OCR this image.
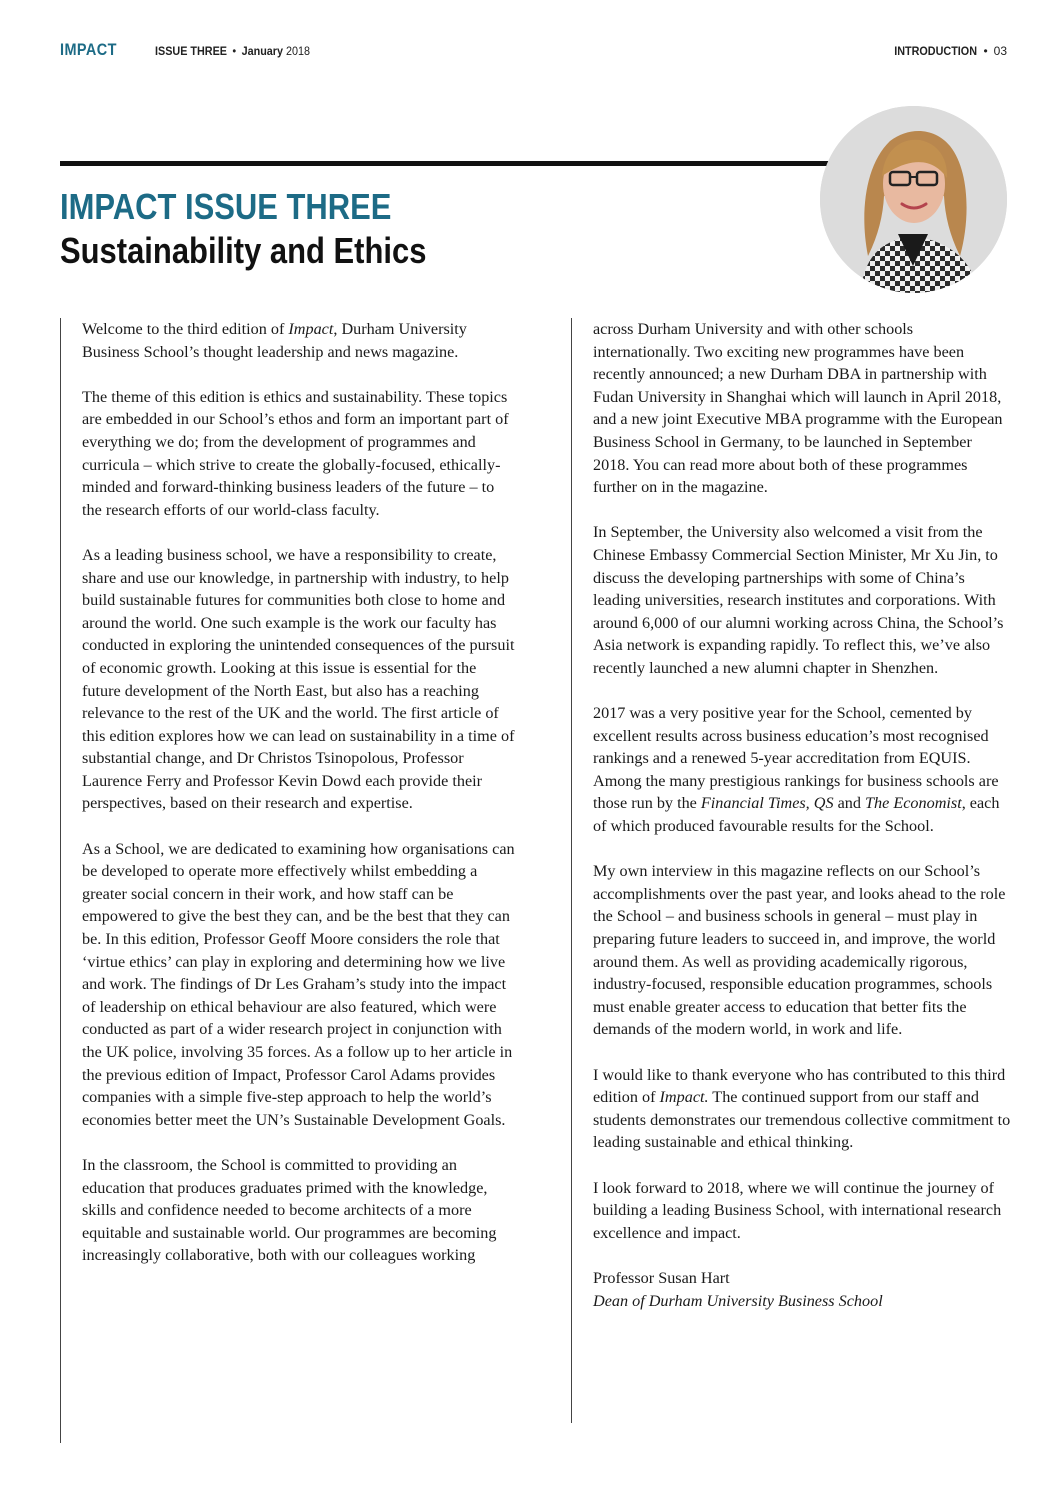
IMPACT	ISSUE THREE • January 2018	INTRODUCTION • 03
IMPACT ISSUE THREE
Sustainability and Ethics

Welcome to the third edition of Impact, Durham University Business School’s thought leadership and news magazine.

The theme of this edition is ethics and sustainability. These topics are embedded in our School’s ethos and form an important part of everything we do; from the development of programmes and curricula – which strive to create the globally-focused, ethically-minded and forward-thinking business leaders of the future – to the research efforts of our world-class faculty.

As a leading business school, we have a responsibility to create, share and use our knowledge, in partnership with industry, to help build sustainable futures for communities both close to home and around the world. One such example is the work our faculty has conducted in exploring the unintended consequences of the pursuit of economic growth. Looking at this issue is essential for the future development of the North East, but also has a reaching relevance to the rest of the UK and the world. The first article of this edition explores how we can lead on sustainability in a time of substantial change, and Dr Christos Tsinopolous, Professor Laurence Ferry and Professor Kevin Dowd each provide their perspectives, based on their research and expertise.

As a School, we are dedicated to examining how organisations can be developed to operate more effectively whilst embedding a greater social concern in their work, and how staff can be empowered to give the best they can, and be the best that they can be. In this edition, Professor Geoff Moore considers the role that ‘virtue ethics’ can play in exploring and determining how we live and work. The findings of Dr Les Graham’s study into the impact of leadership on ethical behaviour are also featured, which were conducted as part of a wider research project in conjunction with the UK police, involving 35 forces. As a follow up to her article in the previous edition of Impact, Professor Carol Adams provides companies with a simple five-step approach to help the world’s economies better meet the UN’s Sustainable Development Goals.

In the classroom, the School is committed to providing an education that produces graduates primed with the knowledge, skills and confidence needed to become architects of a more equitable and sustainable world. Our programmes are becoming increasingly collaborative, both with our colleagues working

across Durham University and with other schools internationally. Two exciting new programmes have been recently announced; a new Durham DBA in partnership with Fudan University in Shanghai which will launch in April 2018, and a new joint Executive MBA programme with the European Business School in Germany, to be launched in September 2018. You can read more about both of these programmes further on in the magazine.

In September, the University also welcomed a visit from the Chinese Embassy Commercial Section Minister, Mr Xu Jin, to discuss the developing partnerships with some of China’s leading universities, research institutes and corporations. With around 6,000 of our alumni working across China, the School’s Asia network is expanding rapidly. To reflect this, we’ve also recently launched a new alumni chapter in Shenzhen.

2017 was a very positive year for the School, cemented by excellent results across business education’s most recognised rankings and a renewed 5-year accreditation from EQUIS. Among the many prestigious rankings for business schools are those run by the Financial Times, QS and The Economist, each of which produced favourable results for the School.

My own interview in this magazine reflects on our School’s accomplishments over the past year, and looks ahead to the role the School – and business schools in general – must play in preparing future leaders to succeed in, and improve, the world around them. As well as providing academically rigorous, industry-focused, responsible education programmes, schools must enable greater access to education that better fits the demands of the modern world, in work and life.

I would like to thank everyone who has contributed to this third edition of Impact. The continued support from our staff and students demonstrates our tremendous collective commitment to leading sustainable and ethical thinking.

I look forward to 2018, where we will continue the journey of building a leading Business School, with international research excellence and impact.

Professor Susan Hart
Dean of Durham University Business School
